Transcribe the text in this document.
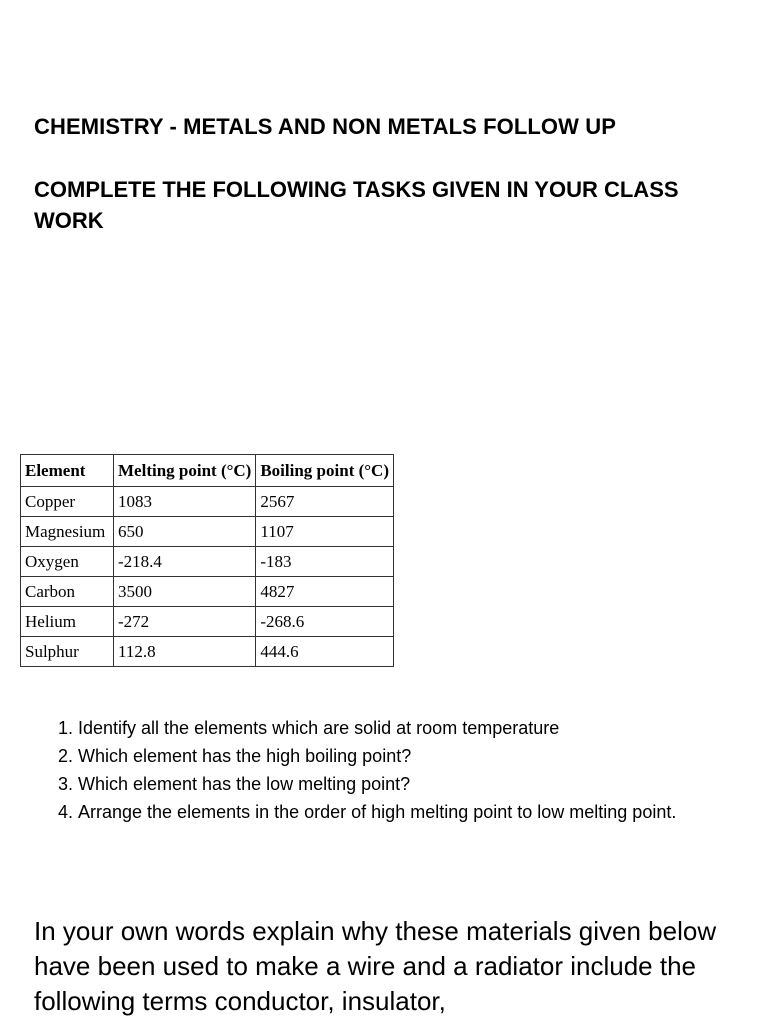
CHEMISTRY - METALS AND NON METALS FOLLOW UP

COMPLETE THE FOLLOWING TASKS GIVEN IN YOUR CLASS WORK

Element	Melting point (°C)	Boiling point (°C)
Copper	1083	2567
Magnesium	650	1107
Oxygen	-218.4	-183
Carbon	3500	4827
Helium	-272	-268.6
Sulphur	112.8	444.6
1. Identify all the elements which are solid at room temperature
2. Which element has the high boiling point?
3. Which element has the low melting point?
4. Arrange the elements in the order of high melting point to low melting point.

In your own words explain why these materials given below have been used to make a wire and a radiator include the following terms conductor, insulator,
